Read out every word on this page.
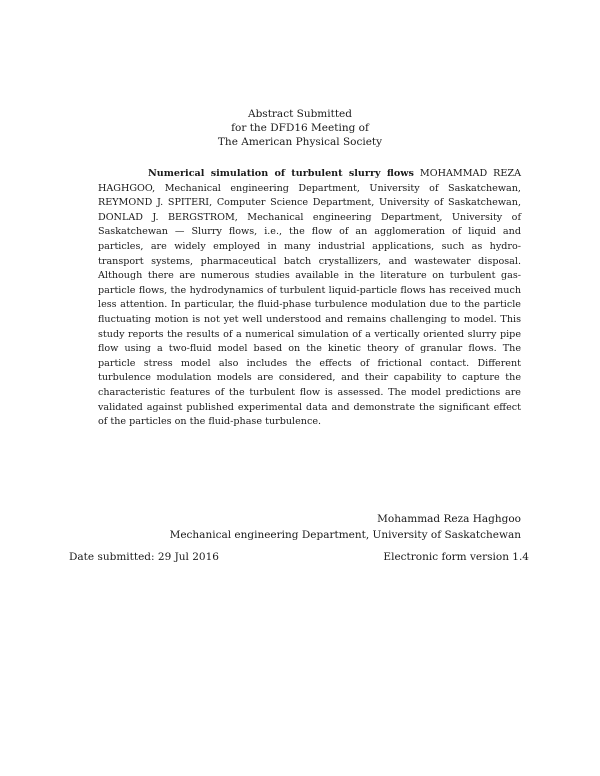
Abstract Submitted
for the DFD16 Meeting of
The American Physical Society
Numerical simulation of turbulent slurry flows MOHAMMAD REZA HAGHGOO, Mechanical engineering Department, University of Saskatchewan, REYMOND J. SPITERI, Computer Science Department, University of Saskatchewan, DONLAD J. BERGSTROM, Mechanical engineering Department, University of Saskatchewan — Slurry flows, i.e., the flow of an agglomeration of liquid and particles, are widely employed in many industrial applications, such as hydro-transport systems, pharmaceutical batch crystallizers, and wastewater disposal. Although there are numerous studies available in the literature on turbulent gas-particle flows, the hydrodynamics of turbulent liquid-particle flows has received much less attention. In particular, the fluid-phase turbulence modulation due to the particle fluctuating motion is not yet well understood and remains challenging to model. This study reports the results of a numerical simulation of a vertically oriented slurry pipe flow using a two-fluid model based on the kinetic theory of granular flows. The particle stress model also includes the effects of frictional contact. Different turbulence modulation models are considered, and their capability to capture the characteristic features of the turbulent flow is assessed. The model predictions are validated against published experimental data and demonstrate the significant effect of the particles on the fluid-phase turbulence.
Mohammad Reza Haghgoo
Mechanical engineering Department, University of Saskatchewan
Date submitted: 29 Jul 2016	Electronic form version 1.4
